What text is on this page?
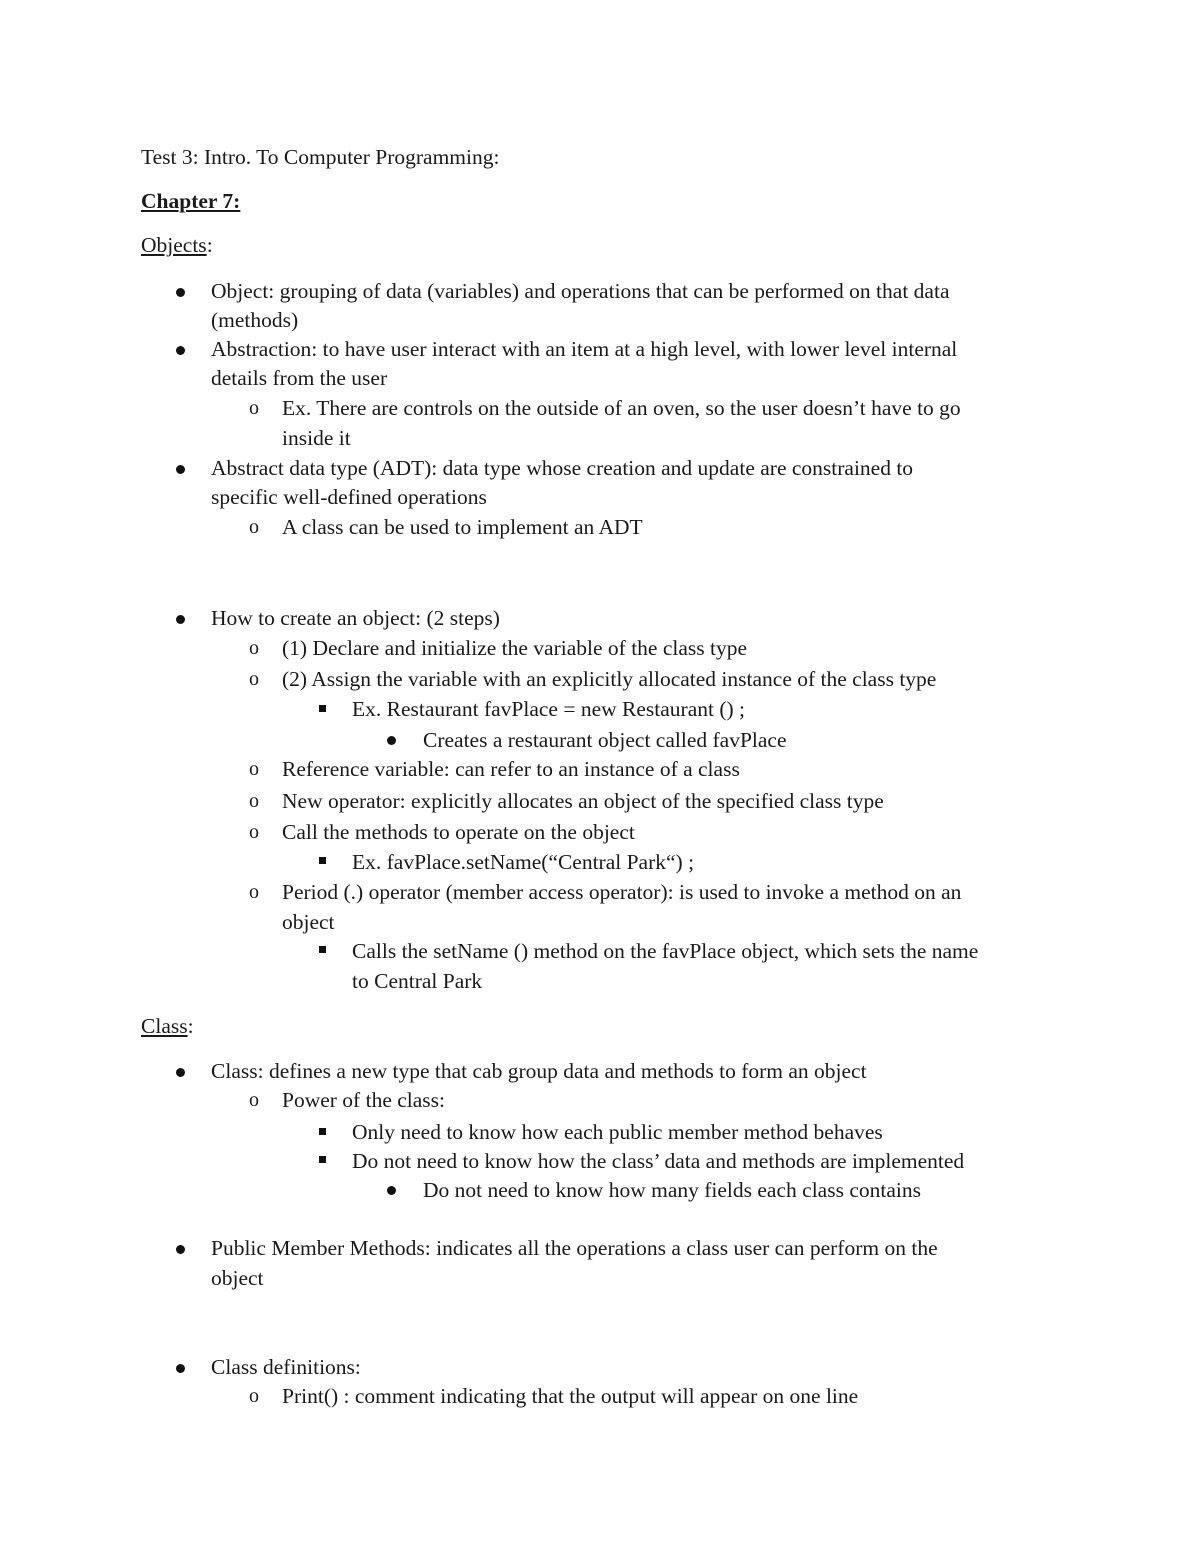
Test 3: Intro. To Computer Programming:
Chapter 7:
Objects:
Object: grouping of data (variables) and operations that can be performed on that data
(methods)
Abstraction: to have user interact with an item at a high level, with lower level internal
details from the user
o Ex. There are controls on the outside of an oven, so the user doesn’t have to go
inside it
Abstract data type (ADT): data type whose creation and update are constrained to
specific well-defined operations
o A class can be used to implement an ADT
How to create an object: (2 steps)
o (1) Declare and initialize the variable of the class type
o (2) Assign the variable with an explicitly allocated instance of the class type
Ex. Restaurant favPlace = new Restaurant () ;
Creates a restaurant object called favPlace
o Reference variable: can refer to an instance of a class
o New operator: explicitly allocates an object of the specified class type
o Call the methods to operate on the object
Ex. favPlace.setName(“Central Park“) ;
o Period (.) operator (member access operator): is used to invoke a method on an
object
Calls the setName () method on the favPlace object, which sets the name
to Central Park
Class:
Class: defines a new type that cab group data and methods to form an object
o Power of the class:
Only need to know how each public member method behaves
Do not need to know how the class’ data and methods are implemented
Do not need to know how many fields each class contains
Public Member Methods: indicates all the operations a class user can perform on the
object
Class definitions:
o Print() : comment indicating that the output will appear on one line
